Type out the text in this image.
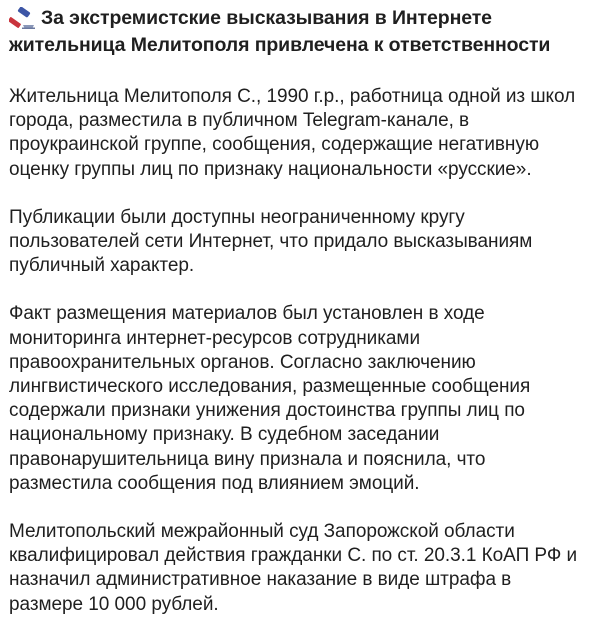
За экстремистские высказывания в Интернете жительница Мелитополя привлечена к ответственности

Жительница Мелитополя С., 1990 г.р., работница одной из школ города, разместила в публичном Telegram-канале, в проукраинской группе, сообщения, содержащие негативную оценку группы лиц по признаку национальности «русские».

Публикации были доступны неограниченному кругу пользователей сети Интернет, что придало высказываниям публичный характер.

Факт размещения материалов был установлен в ходе мониторинга интернет-ресурсов сотрудниками правоохранительных органов. Согласно заключению лингвистического исследования, размещенные сообщения содержали признаки унижения достоинства группы лиц по национальному признаку. В судебном заседании правонарушительница вину признала и пояснила, что разместила сообщения под влиянием эмоций.

Мелитопольский межрайонный суд Запорожской области квалифицировал действия гражданки С. по ст. 20.3.1 КоАП РФ и назначил административное наказание в виде штрафа в размере 10 000 рублей.
